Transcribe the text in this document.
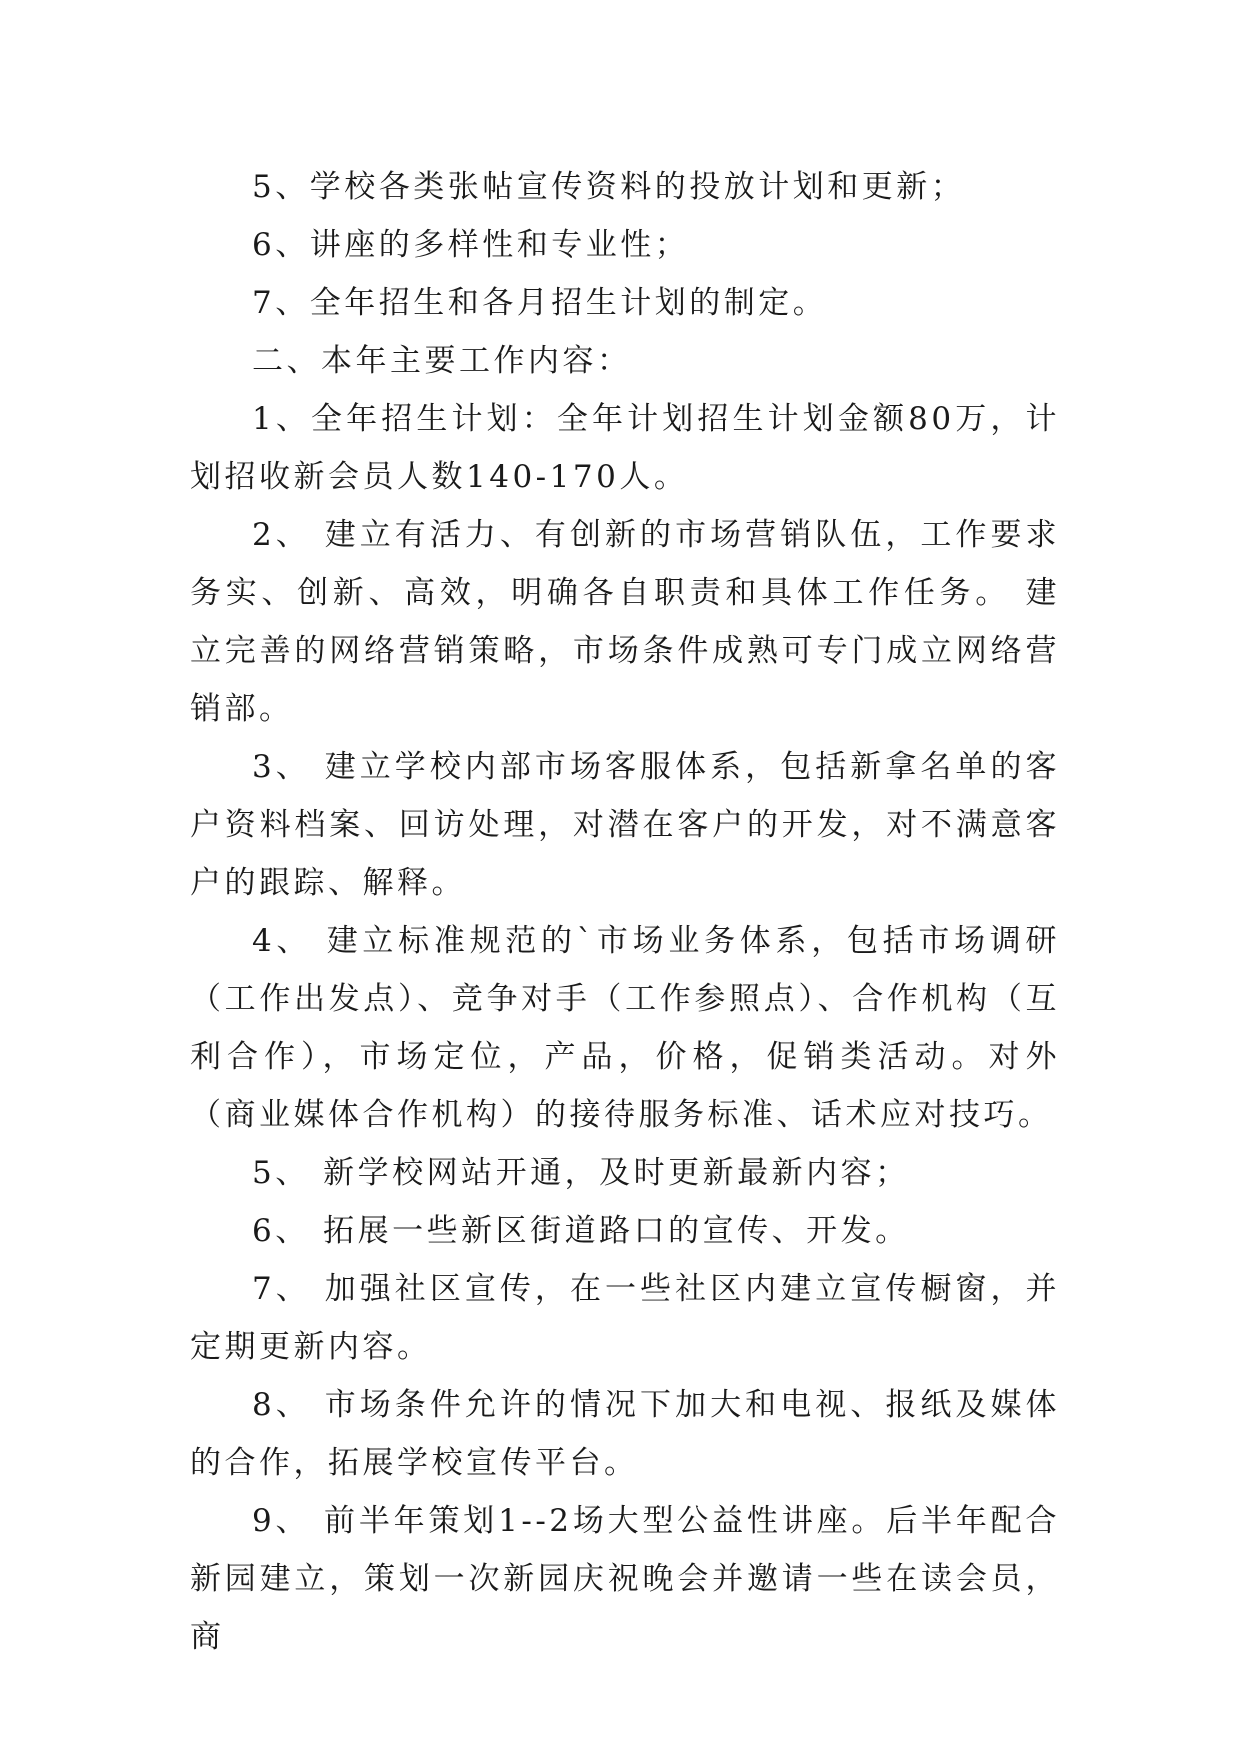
5、学校各类张帖宣传资料的投放计划和更新；

6、讲座的多样性和专业性；

7、全年招生和各月招生计划的制定。

二、本年主要工作内容：

1、全年招生计划：全年计划招生计划金额80万，计划招收新会员人数140-170人。

2、 建立有活力、有创新的市场营销队伍，工作要求务实、创新、高效，明确各自职责和具体工作任务。 建立完善的网络营销策略，市场条件成熟可专门成立网络营销部。

3、 建立学校内部市场客服体系，包括新拿名单的客户资料档案、回访处理，对潜在客户的开发，对不满意客户的跟踪、解释。

4、 建立标准规范的`市场业务体系，包括市场调研（工作出发点）、竞争对手（工作参照点）、合作机构（互利合作），市场定位，产品，价格，促销类活动。对外（商业媒体合作机构）的接待服务标准、话术应对技巧。

5、 新学校网站开通，及时更新最新内容；

6、 拓展一些新区街道路口的宣传、开发。

7、 加强社区宣传，在一些社区内建立宣传橱窗，并定期更新内容。

8、 市场条件允许的情况下加大和电视、报纸及媒体的合作，拓展学校宣传平台。

9、 前半年策划1--2场大型公益性讲座。后半年配合新园建立，策划一次新园庆祝晚会并邀请一些在读会员，商
